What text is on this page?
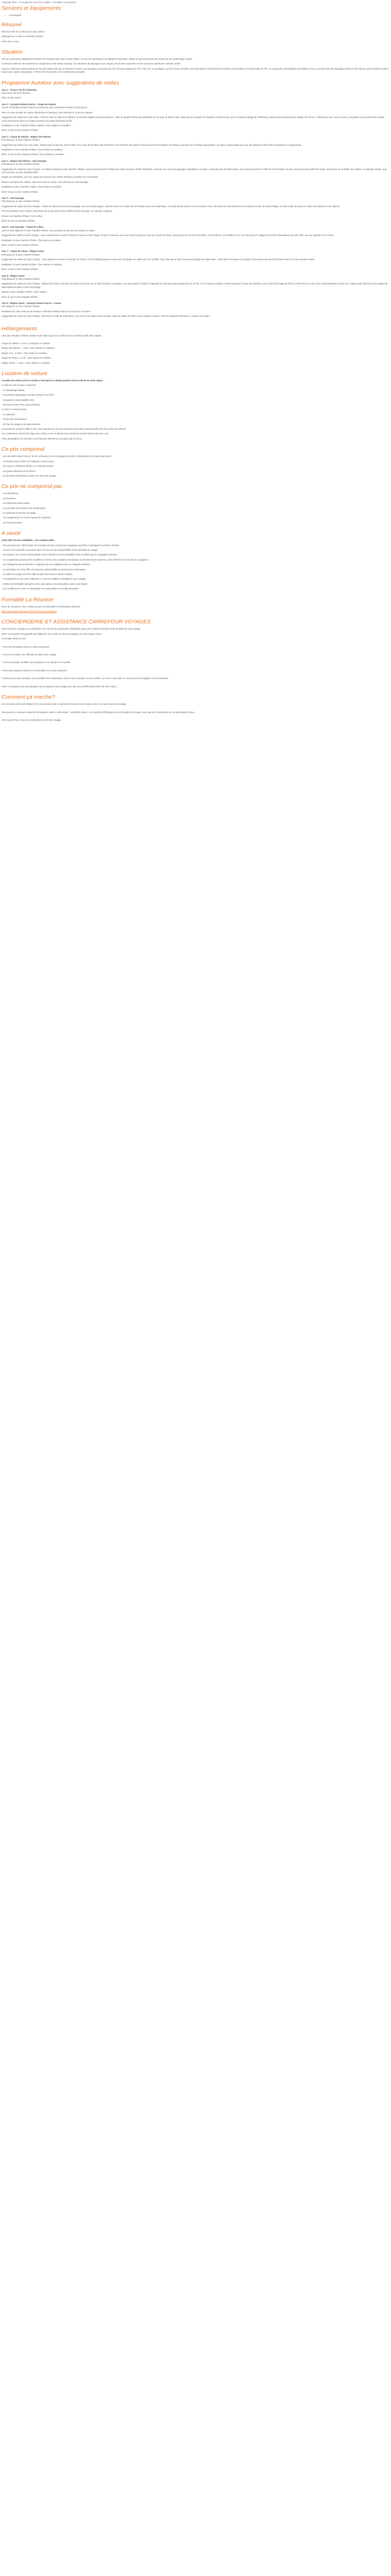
Copyright 2023 - Ce programme peut être modifié - Formalités Conciergerie
Services et équipements
• Conciergerie
Résumé
Découvrir l'île de La Réunion à votre rythme.
Hébergement 7 nuits en chambres d'hôtes
Entre terre et mer
Situation
L'île de La Réunion, département d'outre-mer français situé dans l'océan Indien, est une île volcanique à la végétation luxuriante, offrant un panorama plein de nuances et une authentique culture.
La Réunion attire de ses amateurs de randonnées et de nature sauvage, les amoureux de paysages et de cirques, de piscines naturelles et d'un savoureux patrimoine culinaire créole.
Tous les marcheurs sauront découvrir les plus beaux sites de La Réunion à travers ces nouvelles excursions par des chemins typiques de l'île, entre mer et montagne, qui leur feront connaître aussi des aspects fascinants de la culture réunionnaise et du patrimoine de l'île. Au programme, des balades accessibles à tous, une traversée des paysages variés de l'île intense, pour ensuite les visiter autour des cirques volcaniques, le Piton de la Fournaise et de nombreuses cascades.
Programme Autotour avec suggestions de visites
Jour 1 : France / Ile de la Réunion
Envol pour l'île de la Réunion.
Dîner et nuit à bord.
Jour 2 : Aéroport Roland Garros - Cirque de Salazie
Arrivée à l'aéroport Roland Garros et remise de votre véhicule de location (à l'aéroport).
Prise de votre location de voiture directement à l'aéroport, puis direction le Cirque de Salazie.
Suggestions de visites sur votre trajet : Arrêt en route au Voile de la Mariée, la cascade Niagara à Sainte-Suzanne. Visite du temple Hindou de petit-Bazar sur la route de Saint-André, ainsi qu'à la Cascade du Chaudron à Saint-Denis, puis le charmant village de Hell-Bourg, classé parmi les plus beaux villages de France. Hell-Bourg et ses cases créoles, ses jardins et son patrimoine culturel vous emmèneront dans un voyage au temps du passé historique de l'île.
Installation à votre chambre d'hôtes Salazie. Chez Régine ou similaire.
Dîner et nuit à votre chambre d'hôtes.
Jour 3 : Cirque de Salazie - Région des Plaines
Petit déjeuner à votre chambre d'hôtes.
Suggestions de visites sur votre trajet : Départ pour la côte Est, Saint-André, et la route de la Plaine des Palmistes et de la Plaine des Cafres à la découverte de la Maison du Volcan, puis direction le village Bourg-Murat. Sur place, promenades au cœur des plaines et des forêts de tamarins et cryptomerias.
Installation à votre chambre d'hôtes. Chez Hanitra ou similaire.
Dîner et nuit à votre chambre d'hôtes. Chez Hanitra ou similaire.
Jour 4 : Région des Plaines - Sud Sauvage
Petit déjeuner à votre chambre d'hôtes.
Suggestions de visites (à votre charge) : Un départ matinal de votre chambre d'hôtes. Après avoir traversé la Plaine des Cafres (environ 2200m d'altitude), c'est par une route aux paysages magnifiques et variés, le long du Pas de Bellecombe, que vous découvrirez le Piton de la Fournaise l'un des volcans les plus actifs du monde. Découverte de la Plaine des Sables, un paysage lunaire, puis une excursion au Pas de Bellecombe.
Depuis son belvédère, une vue unique sur l'enclos et le cratère Dolomieu du Piton de la Fournaise.
Retour à la Plaine des Cafres, visite de la Cité du Volcan. Puis direction le Sud Sauvage.
Installation à votre chambre d'hôtes. Chez Arthur ou similaire.
Dîner et nuit à votre chambre d'hôtes.
Jour 5 : Sud Sauvage
Petit déjeuner à votre chambre d'hôtes.
Suggestions de visites (à votre charge) : Partez à la découverte du sud sauvage, avec ses belles plages. Grande Anse est un petit coin de Paradis avec son sable blanc, son petit bassin naturel et ses cocotiers. Puis, découvrez le Cap Méchant et les coulées de lave de Saint-Philippe, le Puits Arabe ainsi que le Jardin des Parfums et des Épices.
Pour les amateurs de la nature, découverte de la cascade la plus célèbre du sud sauvage : la Cascade Langevin.
Retour à la chambre d'hôtes. Chez Arthur.
Dîner et nuit à la chambre d'hôtes.
Jour 6 : Sud Sauvage - Cirque de Cilaos
Après le petit déjeuner à votre chambre d'hôtes, vous prendrez la direction du Cirque de Cilaos.
Suggestion de visites (à votre charge) : Vous emprunterez ensuite la fameuse route aux 420 virages, étroite et sinueuse, qui vous mènera jusqu'au cœur du Cirque de Cilaos, réputé pour ses sources thermales, ses broderies, ses lentilles et son vin. Découvrez le village et la Roche Merveilleuse qui vous offre une vue superbe sur le cirque.
Installation à votre chambre d'hôtes. Chez Marie ou similaire.
Dîner et nuit à votre chambre d'hôtes.
Jour 7 : Cirque de Cilaos - Région Ouest
Petit déjeuner à votre chambre d'hôtes.
Suggestions de visites (à votre charge) : Vous reprenez la route en direction de l'Ouest. Arrêt à l'Étang-Salé pour découvrir ses plages de sable noir et le Gouffre. Puis, direction la côte Ouest et ses plages de sable blanc, Saint-Gilles les Bains et son lagon. Découverte du marché de Saint-Paul et de son cimetière marin.
Installation à votre chambre d'hôtes. Chez Valérie ou similaire.
Dîner et nuit à votre chambre d'hôtes.
Jour 8 : Région Ouest
Petit déjeuner à votre chambre d'hôtes.
Suggestions de visites (à votre charge) : Départ tôt le matin, direction les hauts de l'Ouest, sur la route forestière du Maïdo, vous découvrirez à 2200 m d'altitude l'un des plus beaux points de vue de l'île, sur le Cirque de Mafate. Redescente par la route des Tamarins, puis visite de la Saga du Rhum à Saint-Pierre ou du musée Stella Matutina à Saint-Leu. L'après-midi, détente sur les plages de Saint-Gilles les Bains ou de l'Hermitage.
Retour à votre chambre d'hôtes. Chez Valérie.
Dîner et nuit à votre chambre d'hôtes.
Jour 9 : Région Ouest - Aéroport Roland Garros - France
Petit déjeuner à votre chambre d'hôtes.
Restitution de votre véhicule de location à l'aéroport Roland Garros et envol pour la France.
Suggestions de visites (à votre charge) : Découvrez la ville de Saint-Denis, ses rues et ses belles cases créoles. Visite du Jardin de l'État et de la Maison Carrère. Pour les amateurs d'histoire, le musée Léon Dierx.
Hébergements
Liste des chambres d'hôtes pendant votre séjour qui vous confirment une semaine avant votre départ :
Cirque de Salazie : 1 nuit - La Régine ou similaire
Région des plaines : 1 nuit - Chez Hanitra ou similaire
Région Sud : 2 nuits - Chez Arthur ou similaire
Cirque de Cilaos : 1 nuit - Case Nyaou ou similaire
Région Ouest : 2 nuits - Chez Valérie ou similaire
Location de voiture
Location de voiture prise et rendue à l'aéroport et valable pendant toute la durée de votre séjour :
Le tarif de votre location comprend :
- un kilométrage illimité ;
- la protection dommages accident (CDW) et vol (TP) ;
- l'assurance responsabilité civile ;
- les taxes locales (TVA, taxe aéroport).
Le tarif ne comprend pas :
- le carburant ;
- la franchise d'assurance ;
- les frais de péage et de stationnement.
Un permis de conduire valide et une carte bancaire au nom du conducteur principal sont demandés lors de la prise du véhicule.
Les conducteurs doivent être âgés d'au moins 21 ans et détenir leur permis de conduire depuis plus de 2 ans.
Toute prolongation de la location sera facturée directement sur place par le loueur.
Ce prix comprend
- Les vols aller-retour France / Ile de La Réunion sur la compagnie aérienne sélectionnée et les taxes aériennes.
- La location d'une voiture de catégorie A pour 8 jours.
- Les nuits en chambres d'hôtes, en chambre double.
- Les petits-déjeuners et les dîners.
- La formalité d'assistance locale et le carnet de voyage.
Ce prix ne comprend pas
- Les assurances.
- Les boissons.
- Les dépenses personnelles.
- Les activités et les visites non mentionnées.
- Le carburant et les frais de péage.
- Les suppléments en cas de hausse de carburant.
- Les frais de dossier.
A savoir
Cette offre est non modifiable - non remboursable
- Prix par personne. Tarif calculé sur une base de deux personnes voyageant ensemble et partageant la même chambre.
- Les prix sont indicatifs et peuvent varier en fonction de la disponibilité et des périodes de voyage.
- Les horaires de vol sont communiqués à titre indicatif et sont susceptibles d'être modifiés par la compagnie aérienne.
- Les programmes peuvent être modifiés en fonction des conditions climatiques ou d'événements imprévus, dans l'intérêt et la sécurité des voyageurs.
- Les hébergements peuvent être remplacés par des établissements de catégorie similaire.
- La réservation de cette offre est soumise à disponibilité au moment de la réservation.
- Le solde du voyage doit être réglé au plus tard 30 jours avant le départ.
- Un passeport ou une carte d'identité en cours de validité est obligatoire pour voyager.
- Vérifiez les formalités sanitaires et les vaccinations recommandées avant votre départ.
- Les conditions de vente et d'annulation sont disponibles sur simple demande.
Formalité La Réunion
Merci de consulter le lien ci-dessous pour les formalités et informations diverses :
https://www.diplomatie.gouv.fr/fr/conseils-aux-voyageurs
CONCIERGERIE ET ASSISTANCE CARREFOUR VOYAGES
Avec Carrefour Voyages vous bénéficiez d'un service de conciergerie disponible avant votre départ et pendant toute la durée de votre voyage.
Notre conciergerie est joignable par téléphone, par e-mail ou via la messagerie de votre espace client.
Accessible 24h/24 et 7j/7.
* Pour des renseignements sur votre programme.
* Si vous rencontrez une difficulté pendant votre voyage.
* Si vous souhaitez modifier une prestation ou en ajouter une nouvelle.
* Pour toute question relative à vos formalités ou à votre assurance.
* Nous pouvons par exemple, vous conseiller des restaurants, réserver une excursion ou une activité, ou encore vous aider en cas de perte de bagages ou de documents.
Notre conciergerie vous accompagne tout au long de votre voyage pour que vous profitiez pleinement de votre séjour.
Comment ça marche?
Une semaine avant votre départ (J-7) vous recevrez par e-mail le lien d'accès à votre espace client et à votre carnet de voyage.
Vous pourrez y retrouver toutes les informations utiles à votre séjour : vos billets d'avion, vos vouchers d'hébergement et de location de voiture, ainsi que les coordonnées de nos partenaires locaux.
Une nouvelle fois, nous vous souhaitons un très bon voyage.
